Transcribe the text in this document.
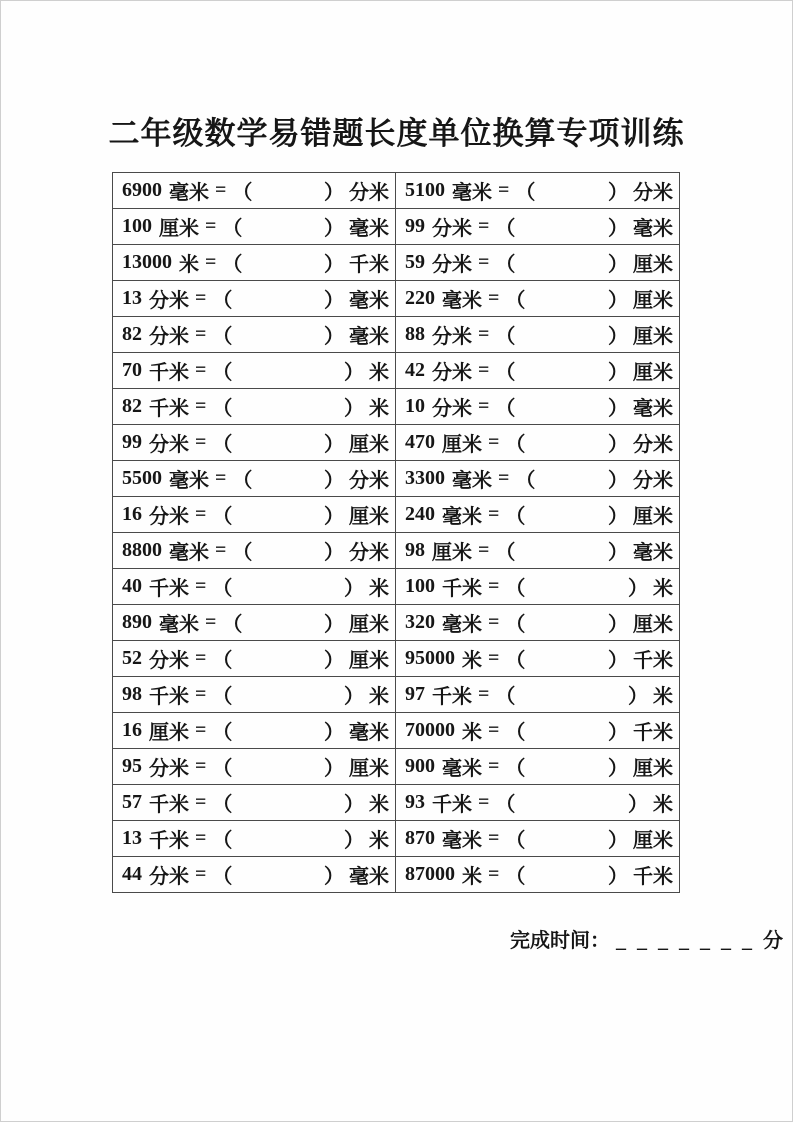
二年级数学易错题长度单位换算专项训练
6900 毫米 = （	） 分米 5100 毫米 = （	） 分米
100 厘米 = （	） 毫米 99 分米 = （	） 毫米
13000 米 = （	） 千米 59 分米 = （	） 厘米
13 分米 = （	） 毫米 220 毫米 = （	） 厘米
82 分米 = （	） 毫米 88 分米 = （	） 厘米
70 千米 = （	） 米 42 分米 = （	） 厘米
82 千米 = （	） 米 10 分米 = （	） 毫米
99 分米 = （	） 厘米 470 厘米 = （	） 分米
5500 毫米 = （	） 分米 3300 毫米 = （	） 分米
16 分米 = （	） 厘米 240 毫米 = （	） 厘米
8800 毫米 = （	） 分米 98 厘米 = （	） 毫米
40 千米 = （	） 米 100 千米 = （	） 米
890 毫米 = （	） 厘米 320 毫米 = （	） 厘米
52 分米 = （	） 厘米 95000 米 = （	） 千米
98 千米 = （	） 米 97 千米 = （	） 米
16 厘米 = （	） 毫米 70000 米 = （	） 千米
95 分米 = （	） 厘米 900 毫米 = （	） 厘米
57 千米 = （	） 米 93 千米 = （	） 米
13 千米 = （	） 米 870 毫米 = （	） 厘米
44 分米 = （	） 毫米 87000 米 = （	） 千米
完成时间： _______分
